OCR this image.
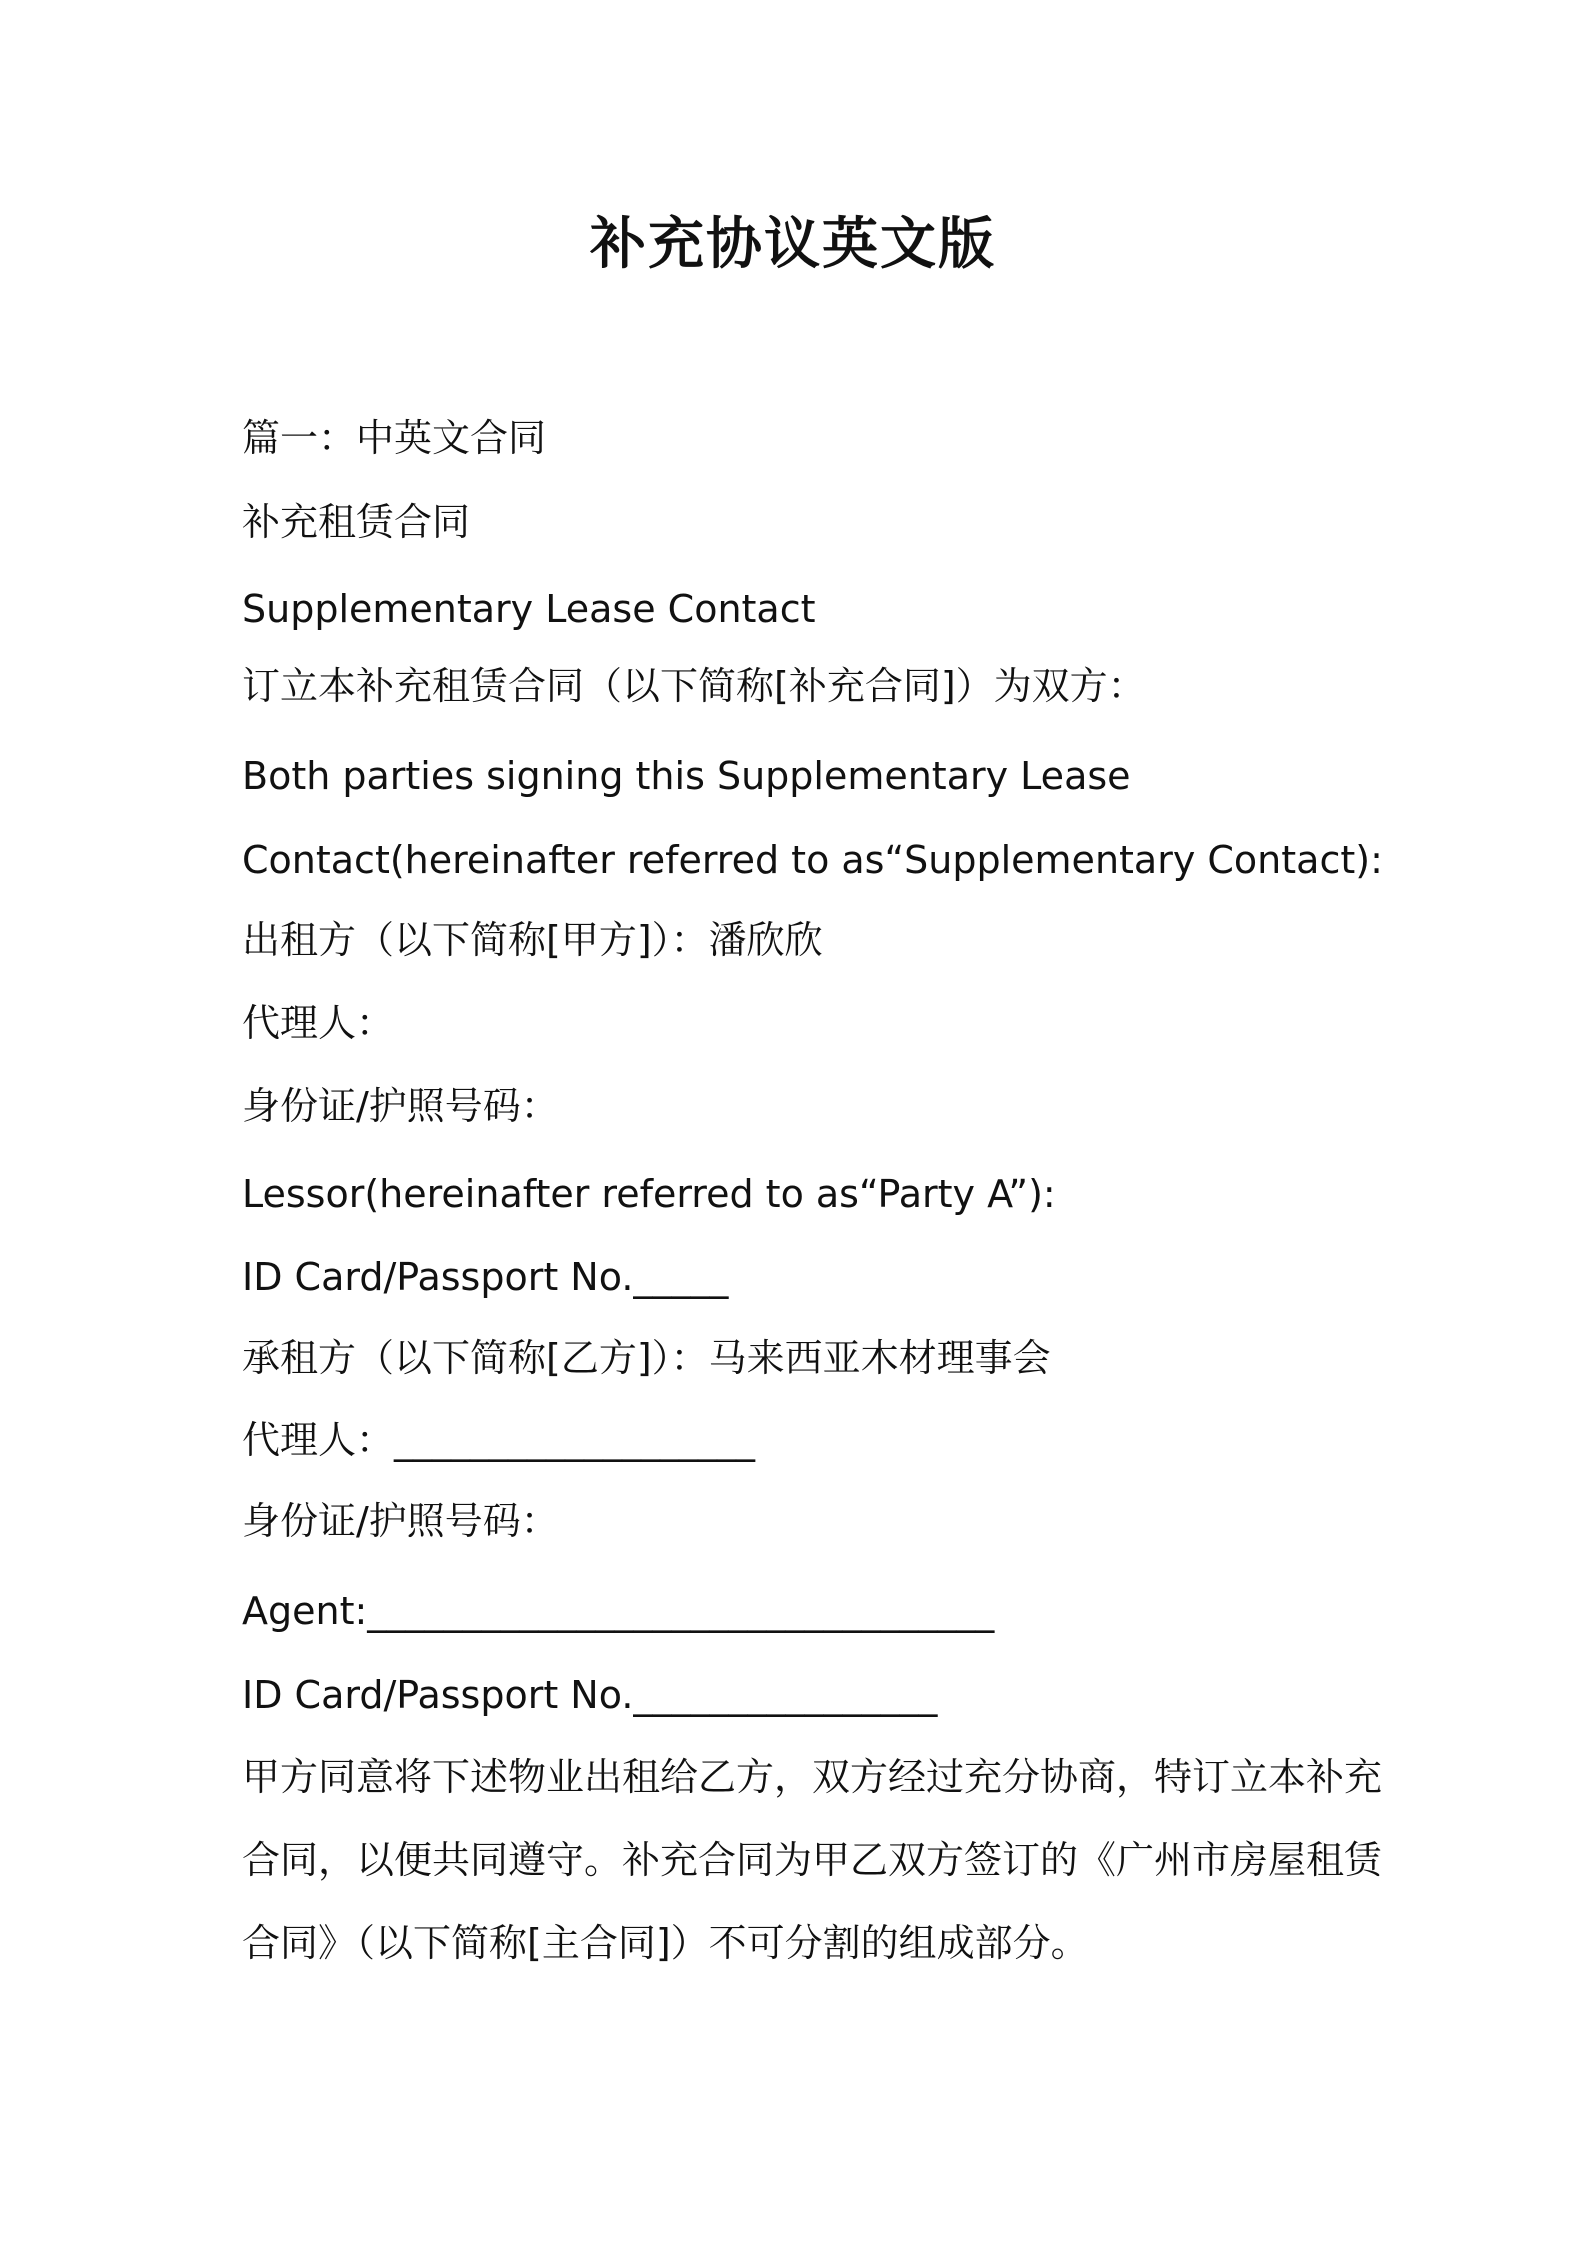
补充协议英文版
篇一：中英文合同
补充租赁合同
Supplementary Lease Contact
订立本补充租赁合同（以下简称[补充合同]）为双方：
Both parties signing this Supplementary Lease
Contact(hereinafter referred to as“Supplementary Contact):
出租方（以下简称[甲方]）：潘欣欣
代理人：
身份证/护照号码：
Lessor(hereinafter referred to as“Party A”):
ID Card/Passport No._____
承租方（以下简称[乙方]）：马来西亚木材理事会
代理人：___________________
身份证/护照号码：
Agent:_________________________________
ID Card/Passport No.________________
甲方同意将下述物业出租给乙方，双方经过充分协商，特订立本补充
合同，以便共同遵守。补充合同为甲乙双方签订的《广州市房屋租赁
合同》（以下简称[主合同]）不可分割的组成部分。
